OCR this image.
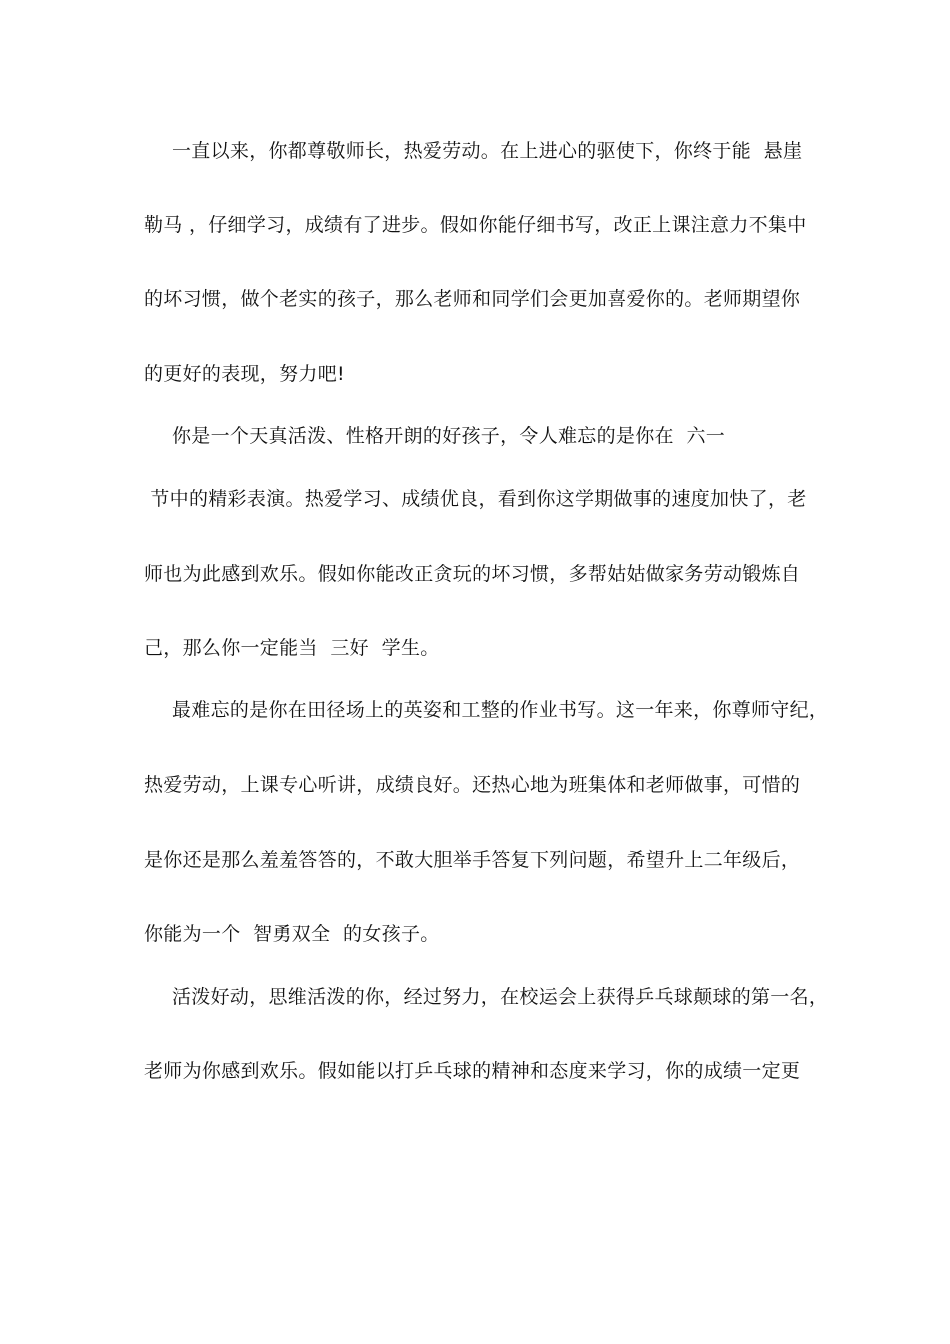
一直以来，你都尊敬师长，热爱劳动。在上进心的驱使下，你终于能  悬崖
勒马 ，仔细学习，成绩有了进步。假如你能仔细书写，改正上课注意力不集中
的坏习惯，做个老实的孩子，那么老师和同学们会更加喜爱你的。老师期望你
的更好的表现，努力吧!
你是一个天真活泼、性格开朗的好孩子，令人难忘的是你在  六一
节中的精彩表演。热爱学习、成绩优良，看到你这学期做事的速度加快了，老
师也为此感到欢乐。假如你能改正贪玩的坏习惯，多帮姑姑做家务劳动锻炼自
己，那么你一定能当  三好  学生。
最难忘的是你在田径场上的英姿和工整的作业书写。这一年来，你尊师守纪，
热爱劳动，上课专心听讲，成绩良好。还热心地为班集体和老师做事，可惜的
是你还是那么羞羞答答的，不敢大胆举手答复下列问题，希望升上二年级后，
你能为一个  智勇双全  的女孩子。
活泼好动，思维活泼的你，经过努力，在校运会上获得乒乓球颠球的第一名，
老师为你感到欢乐。假如能以打乒乓球的精神和态度来学习，你的成绩一定更
